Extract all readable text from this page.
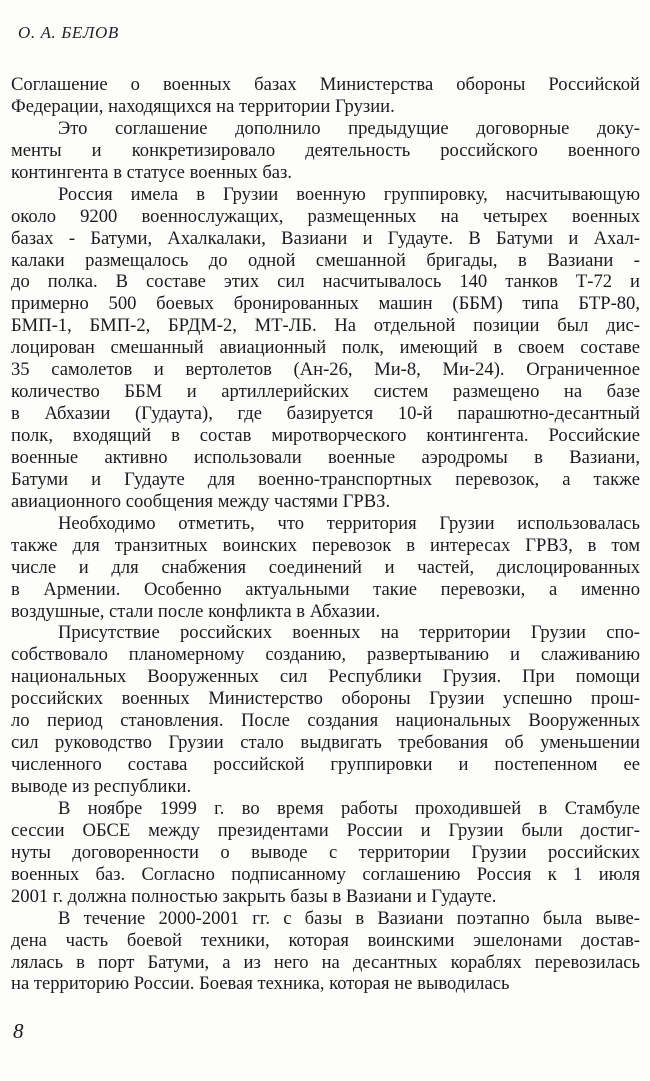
О. А. БЕЛОВ
Соглашение о военных базах Министерства обороны Российской
Федерации, находящихся на территории Грузии.
Это соглашение дополнило предыдущие договорные доку-
менты и конкретизировало деятельность российского военного
контингента в статусе военных баз.
Россия имела в Грузии военную группировку, насчитывающую
около 9200 военнослужащих, размещенных на четырех военных
базах - Батуми, Ахалкалаки, Вазиани и Гудауте. В Батуми и Ахал-
калаки размещалось до одной смешанной бригады, в Вазиани -
до полка. В составе этих сил насчитывалось 140 танков Т-72 и
примерно 500 боевых бронированных машин (ББМ) типа БТР-80,
БМП-1, БМП-2, БРДМ-2, МТ-ЛБ. На отдельной позиции был дис-
лоцирован смешанный авиационный полк, имеющий в своем составе
35 самолетов и вертолетов (Ан-26, Ми-8, Ми-24). Ограниченное
количество ББМ и артиллерийских систем размещено на базе
в Абхазии (Гудаута), где базируется 10-й парашютно-десантный
полк, входящий в состав миротворческого контингента. Российские
военные активно использовали военные аэродромы в Вазиани,
Батуми и Гудауте для военно-транспортных перевозок, а также
авиационного сообщения между частями ГРВЗ.
Необходимо отметить, что территория Грузии использовалась
также для транзитных воинских перевозок в интересах ГРВЗ, в том
числе и для снабжения соединений и частей, дислоцированных
в Армении. Особенно актуальными такие перевозки, а именно
воздушные, стали после конфликта в Абхазии.
Присутствие российских военных на территории Грузии спо-
собствовало планомерному созданию, развертыванию и слаживанию
национальных Вооруженных сил Республики Грузия. При помощи
российских военных Министерство обороны Грузии успешно прош-
ло период становления. После создания национальных Вооруженных
сил руководство Грузии стало выдвигать требования об уменьшении
численного состава российской группировки и постепенном ее
выводе из республики.
В ноябре 1999 г. во время работы проходившей в Стамбуле
сессии ОБСЕ между президентами России и Грузии были достиг-
нуты договоренности о выводе с территории Грузии российских
военных баз. Согласно подписанному соглашению Россия к 1 июля
2001 г. должна полностью закрыть базы в Вазиани и Гудауте.
В течение 2000-2001 гг. с базы в Вазиани поэтапно была выве-
дена часть боевой техники, которая воинскими эшелонами достав-
лялась в порт Батуми, а из него на десантных кораблях перевозилась
на территорию России. Боевая техника, которая не выводилась
8
